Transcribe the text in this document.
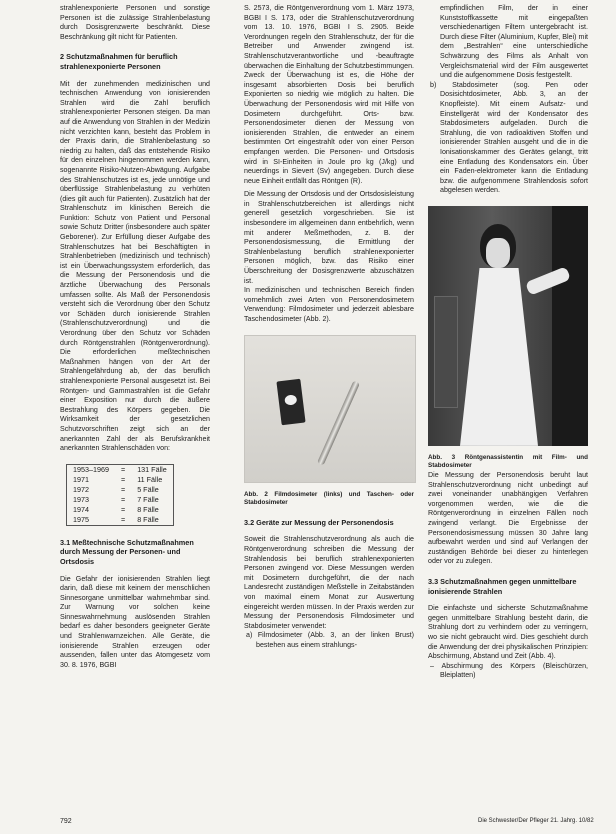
strahlenexponierte Personen und sonstige Personen ist die zulässige Strahlenbelastung durch Dosisgrenzwerte beschränkt. Diese Beschränkung gilt nicht für Patienten.

2 Schutzmaßnahmen für beruflich strahlenexponierte Personen

Mit der zunehmenden medizinischen und technischen Anwendung von ionisierenden Strahlen wird die Zahl beruflich strahlenexponierter Personen steigen. Da man auf die Anwendung von Strahlen in der Medizin nicht verzichten kann, besteht das Problem in der Praxis darin, die Strahlenbelastung so niedrig zu halten, daß das entstehende Risiko für den einzelnen hingenommen werden kann, sogenannte Risiko-Nutzen-Abwägung. Aufgabe des Strahlenschutzes ist es, jede unnötige und überflüssige Strahlenbelastung zu verhüten (dies gilt auch für Patienten). Zusätzlich hat der Strahlenschutz im klinischen Bereich die Funktion: Schutz von Patient und Personal sowie Schutz Dritter (insbesondere auch später Geborener). Zur Erfüllung dieser Aufgabe des Strahlenschutzes hat bei Beschäftigten in Strahlenbetrieben (medizinisch und technisch) ist ein Überwachungssystem erforderlich, das die Messung der Personendosis und die ärztliche Überwachung des Personals umfassen sollte. Als Maß der Personendosis versteht sich die Verordnung über den Schutz vor Schäden durch ionisierende Strahlen (Strahlenschutzverordnung) und die Verordnung über den Schutz vor Schäden durch Röntgenstrahlen (Röntgenverordnung). Die erforderlichen meßtechnischen Maßnahmen hängen von der Art der Strahlengefährdung ab, der das beruflich strahlenexponierte Personal ausgesetzt ist. Bei Röntgen- und Gammastrahlen ist die Gefahr einer Exposition nur durch die äußere Bestrahlung des Körpers gegeben. Die Wirksamkeit der gesetzlichen Schutzvorschriften zeigt sich an der anerkannten Zahl der als Berufskrankheit anerkannten Strahlenschäden von:

1953–1969	=	131 Fälle
1971	=	11 Fälle
1972	=	5 Fälle
1973	=	7 Fälle
1974	=	8 Fälle
1975	=	8 Fälle
3.1 Meßtechnische Schutzmaßnahmen durch Messung der Personen- und Ortsdosis

Die Gefahr der ionisierenden Strahlen liegt darin, daß diese mit keinem der menschlichen Sinnesorgane unmittelbar wahrnehmbar sind. Zur Warnung vor solchen keine Sinneswahrnehmung auslösenden Strahlen bedarf es daher besonders geeigneter Geräte und Strahlenwarnzeichen. Alle Geräte, die ionisierende Strahlen erzeugen oder aussenden, fallen unter das Atomgesetz vom 30. 8. 1976, BGBI

S. 2573, die Röntgenverordnung vom 1. März 1973, BGBI I S. 173, oder die Strahlenschutzverordnung vom 13. 10. 1976, BGBI I S. 2905. Beide Verordnungen regeln den Strahlenschutz, der für die Betreiber und Anwender zwingend ist. Strahlenschutzverantwortliche und -beauftragte überwachen die Einhaltung der Schutzbestimmungen. Zweck der Überwachung ist es, die Höhe der insgesamt absorbierten Dosis bei beruflich Exponierten so niedrig wie möglich zu halten. Die Überwachung der Personendosis wird mit Hilfe von Dosimetern durchgeführt. Orts- bzw. Personendosimeter dienen der Messung von ionisierenden Strahlen, die entweder an einem bestimmten Ort eingestrahlt oder von einer Person empfangen werden. Die Personen- und Ortsdosis wird in SI-Einheiten in Joule pro kg (J/kg) und neuerdings in Sievert (Sv) angegeben. Durch diese neue Einheit entfällt das Röntgen (R).

Die Messung der Ortsdosis und der Ortsdosisleistung in Strahlenschutzbereichen ist allerdings nicht generell gesetzlich vorgeschrieben. Sie ist insbesondere im allgemeinen dann entbehrlich, wenn mit anderer Meßmethoden, z. B. der Personendosismessung, die Ermittlung der Strahlenbelastung beruflich strahlenexponierter Personen möglich, bzw. das Risiko einer Überschreitung der Dosisgrenzwerte abzuschätzen ist.

In medizinischen und technischen Bereich finden vornehmlich zwei Arten von Personendosimetern Verwendung: Filmdosimeter und jederzeit ablesbare Taschendosimeter (Abb. 2).

Abb. 2 Filmdosimeter (links) und Taschen- oder Stabdosimeter

3.2 Geräte zur Messung der Personendosis

Soweit die Strahlenschutzverordnung als auch die Röntgenverordnung schreiben die Messung der Strahlendosis bei beruflich strahlenexponierten Personen zwingend vor. Diese Messungen werden mit Dosimetern durchgeführt, die der nach Landesrecht zuständigen Meßstelle in Zeitabständen von maximal einem Monat zur Auswertung eingereicht werden müssen. In der Praxis werden zur Messung der Personendosis Filmdosimeter und Stabdosimeter verwendet:

a) Filmdosimeter (Abb. 3, an der linken Brust) bestehen aus einem strahlungs-

empfindlichen Film, der in einer Kunststoffkassette mit eingepaßten verschiedenartigen Filtern untergebracht ist. Durch diese Filter (Aluminium, Kupfer, Blei) mit dem „Bestrahlen“ eine unterschiedliche Schwärzung des Films als Anhalt von Vergleichsmaterial wird der Film ausgewertet und die aufgenommene Dosis festgestellt.

b) Stabdosimeter (sog. Pen oder Dosisichtdosimeter, Abb. 3, an der Knopfleiste). Mit einem Aufsatz- und Einstellgerät wird der Kondensator des Stabdosimeters aufgeladen. Durch die Strahlung, die von radioaktiven Stoffen und ionisierender Strahlen ausgeht und die in die Ionisationskammer des Gerätes gelangt, tritt eine Entladung des Kondensators ein. Über ein Faden-elektrometer kann die Entladung bzw. die aufgenommene Strahlendosis sofort abgelesen werden.

Abb. 3 Röntgenassistentin mit Film- und Stabdosimeter

Die Messung der Personendosis beruht laut Strahlenschutzverordnung nicht unbedingt auf zwei voneinander unabhängigen Verfahren vorgenommen werden, wie die die Röntgenverordnung in einzelnen Fällen noch zwingend verlangt. Die Ergebnisse der Personendosismessung müssen 30 Jahre lang aufbewahrt werden und sind auf Verlangen der zuständigen Behörde bei dieser zu hinterlegen oder vor zu zulegen.

3.3 Schutzmaßnahmen gegen unmittelbare ionisierende Strahlen

Die einfachste und sicherste Schutzmaßnahme gegen unmittelbare Strahlung besteht darin, die Strahlung dort zu verhindern oder zu verringern, wo sie nicht gebraucht wird. Dies geschieht durch die Anwendung der drei physikalischen Prinzipien: Abschirmung, Abstand und Zeit (Abb. 4).

– Abschirmung des Körpers (Bleischürzen, Bleiplatten)
792	Die Schwester/Der Pfleger 21. Jahrg. 10/82
